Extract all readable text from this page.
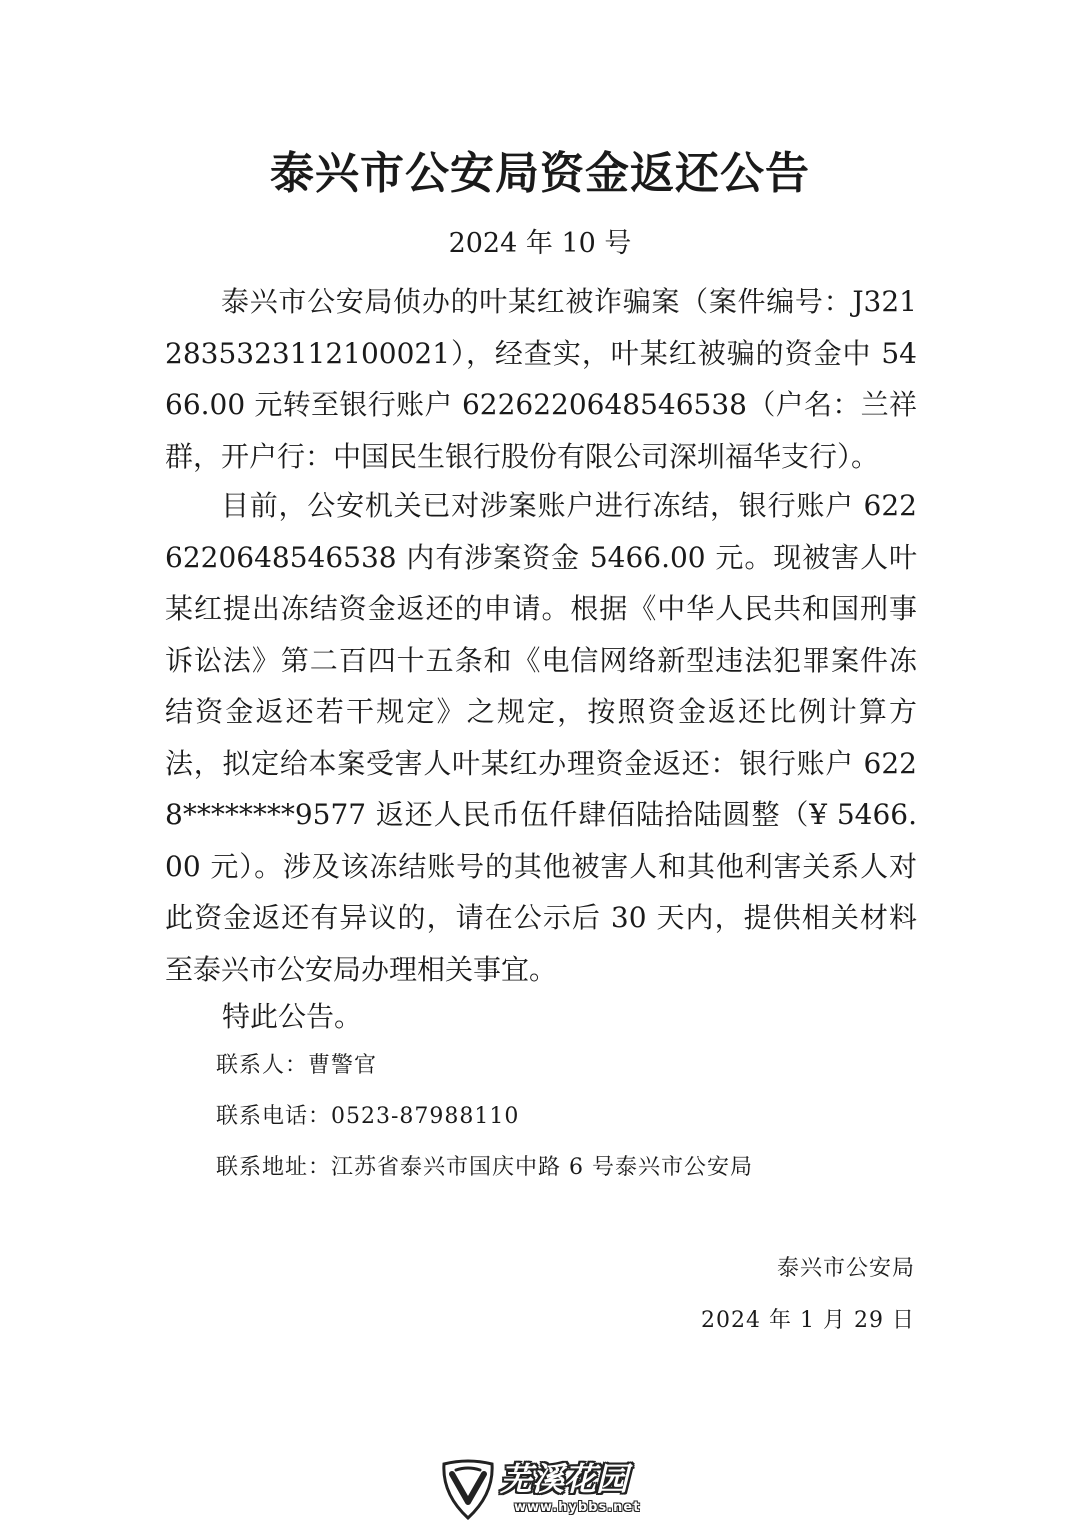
泰兴市公安局资金返还公告

2024 年 10 号

泰兴市公安局侦办的叶某红被诈骗案（案件编号：J3212835323112100021），经查实，叶某红被骗的资金中 5466.00 元转至银行账户 6226220648546538（户名：兰祥群，开户行：中国民生银行股份有限公司深圳福华支行）。

目前，公安机关已对涉案账户进行冻结，银行账户 6226220648546538 内有涉案资金 5466.00 元。现被害人叶某红提出冻结资金返还的申请。根据《中华人民共和国刑事诉讼法》第二百四十五条和《电信网络新型违法犯罪案件冻结资金返还若干规定》之规定，按照资金返还比例计算方法，拟定给本案受害人叶某红办理资金返还：银行账户 6228********9577 返还人民币伍仟肆佰陆拾陆圆整（¥ 5466.00 元）。涉及该冻结账号的其他被害人和其他利害关系人对此资金返还有异议的，请在公示后 30 天内，提供相关材料至泰兴市公安局办理相关事宜。

特此公告。

联系人：曹警官

联系电话：0523-87988110

联系地址：江苏省泰兴市国庆中路 6 号泰兴市公安局

泰兴市公安局

2024 年 1 月 29 日

芜溪花园
www.hybbs.net
